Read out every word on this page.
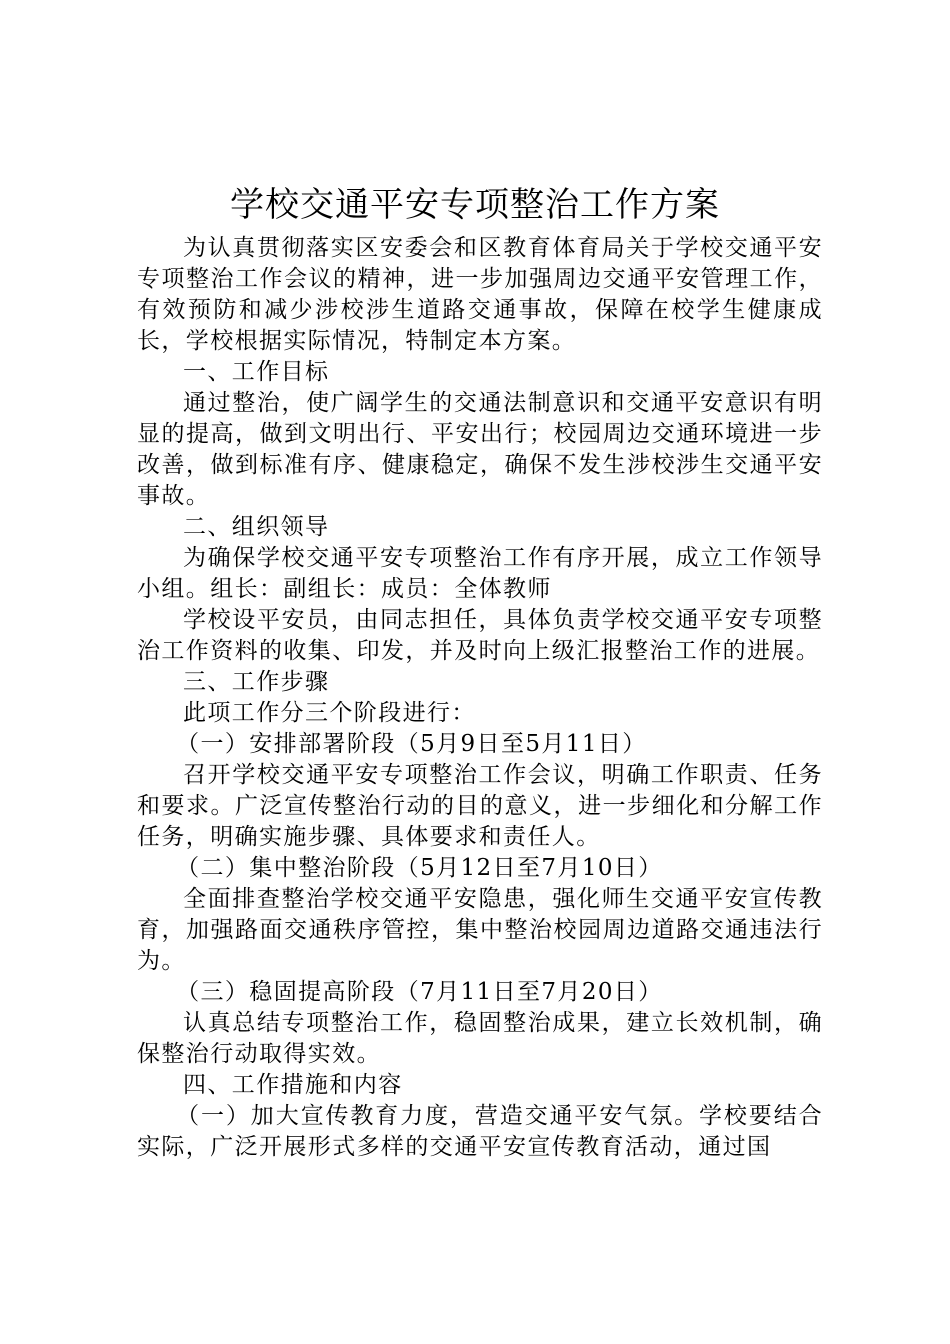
学校交通平安专项整治工作方案

为认真贯彻落实区安委会和区教育体育局关于学校交通平安专项整治工作会议的精神，进一步加强周边交通平安管理工作，有效预防和减少涉校涉生道路交通事故，保障在校学生健康成长，学校根据实际情况，特制定本方案。

一、工作目标

通过整治，使广阔学生的交通法制意识和交通平安意识有明显的提高，做到文明出行、平安出行；校园周边交通环境进一步改善，做到标准有序、健康稳定，确保不发生涉校涉生交通平安事故。

二、组织领导

为确保学校交通平安专项整治工作有序开展，成立工作领导小组。组长：副组长：成员：全体教师

学校设平安员，由同志担任，具体负责学校交通平安专项整治工作资料的收集、印发，并及时向上级汇报整治工作的进展。

三、工作步骤

此项工作分三个阶段进行：

（一）安排部署阶段（5月9日至5月11日）

召开学校交通平安专项整治工作会议，明确工作职责、任务和要求。广泛宣传整治行动的目的意义，进一步细化和分解工作任务，明确实施步骤、具体要求和责任人。

（二）集中整治阶段（5月12日至7月10日）

全面排查整治学校交通平安隐患，强化师生交通平安宣传教育，加强路面交通秩序管控，集中整治校园周边道路交通违法行为。

（三）稳固提高阶段（7月11日至7月20日）

认真总结专项整治工作，稳固整治成果，建立长效机制，确保整治行动取得实效。

四、工作措施和内容

（一）加大宣传教育力度，营造交通平安气氛。学校要结合实际，广泛开展形式多样的交通平安宣传教育活动，通过国
